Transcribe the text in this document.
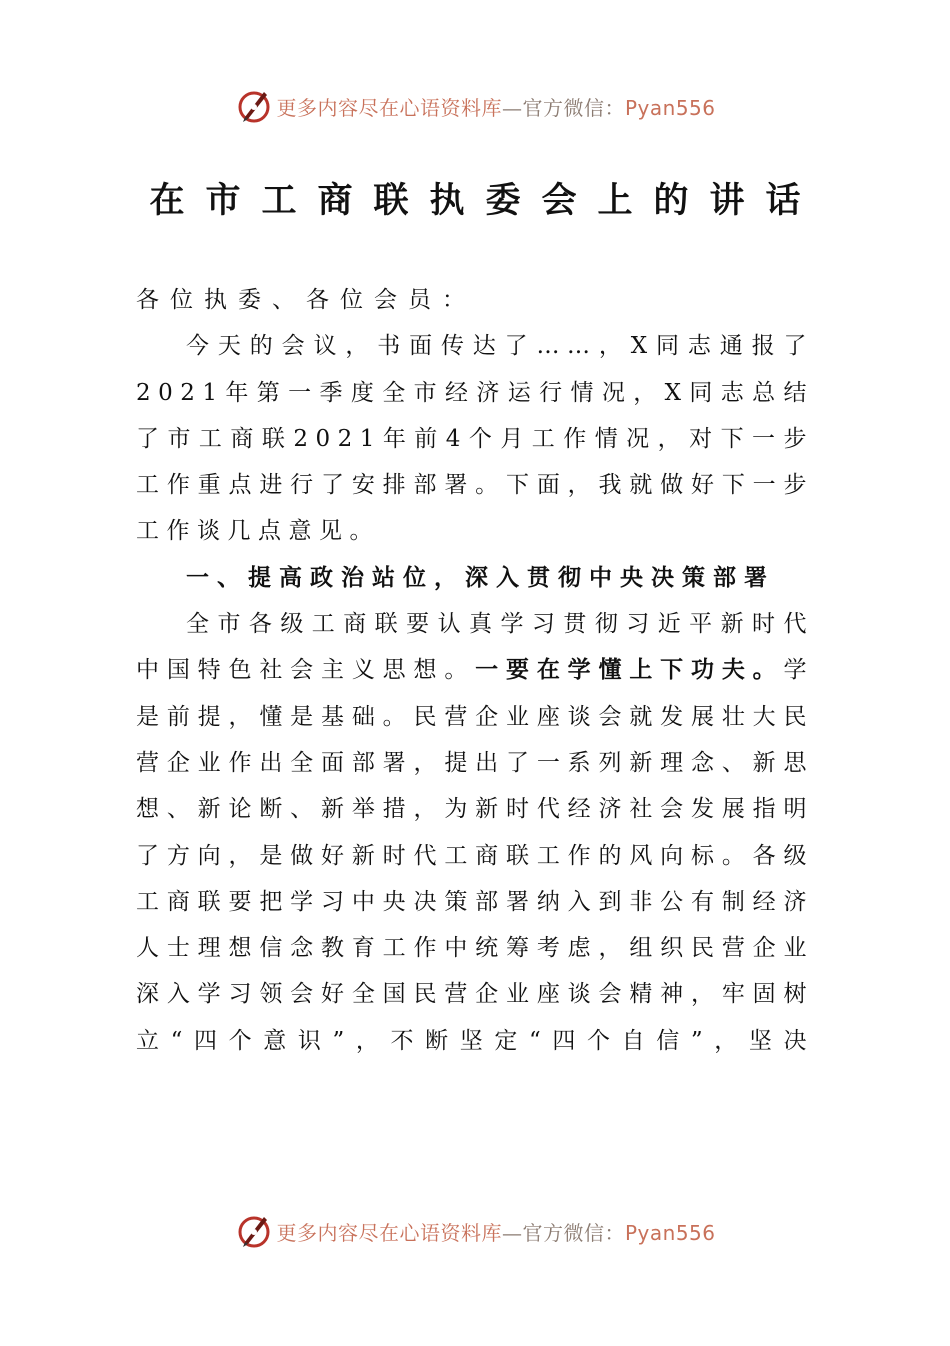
更多内容尽在心语资料库—官方微信：Pyan556
在市工商联执委会上的讲话

各位执委、各位会员：

今天的会议，书面传达了……，X同志通报了2021年第一季度全市经济运行情况，X同志总结了市工商联2021年前4个月工作情况，对下一步工作重点进行了安排部署。下面，我就做好下一步工作谈几点意见。

一、提高政治站位，深入贯彻中央决策部署

全市各级工商联要认真学习贯彻习近平新时代中国特色社会主义思想。一要在学懂上下功夫。学是前提，懂是基础。民营企业座谈会就发展壮大民营企业作出全面部署，提出了一系列新理念、新思想、新论断、新举措，为新时代经济社会发展指明了方向，是做好新时代工商联工作的风向标。各级工商联要把学习中央决策部署纳入到非公有制经济人士理想信念教育工作中统筹考虑，组织民营企业深入学习领会好全国民营企业座谈会精神，牢固树立“四个意识”，不断坚定“四个自信”，坚决

更多内容尽在心语资料库—官方微信：Pyan556
